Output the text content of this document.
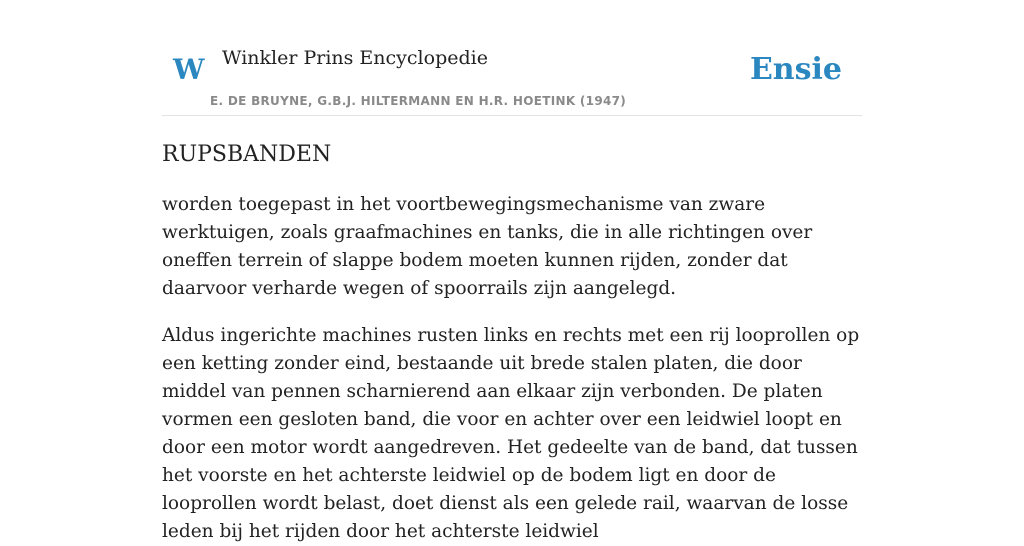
W Winkler Prins Encyclopedie
E. DE BRUYNE, G.B.J. HILTERMANN EN H.R. HOETINK (1947)
Ensie
RUPSBANDEN

worden toegepast in het voortbewegingsmechanisme van zware werktuigen, zoals graafmachines en tanks, die in alle richtingen over oneffen terrein of slappe bodem moeten kunnen rijden, zonder dat daarvoor verharde wegen of spoorrails zijn aangelegd.

Aldus ingerichte machines rusten links en rechts met een rij looprollen op een ketting zonder eind, bestaande uit brede stalen platen, die door middel van pennen scharnierend aan elkaar zijn verbonden. De platen vormen een gesloten band, die voor en achter over een leidwiel loopt en door een motor wordt aangedreven. Het gedeelte van de band, dat tussen het voorste en het achterste leidwiel op de bodem ligt en door de looprollen wordt belast, doet dienst als een gelede rail, waarvan de losse leden bij het rijden door het achterste leidwiel
